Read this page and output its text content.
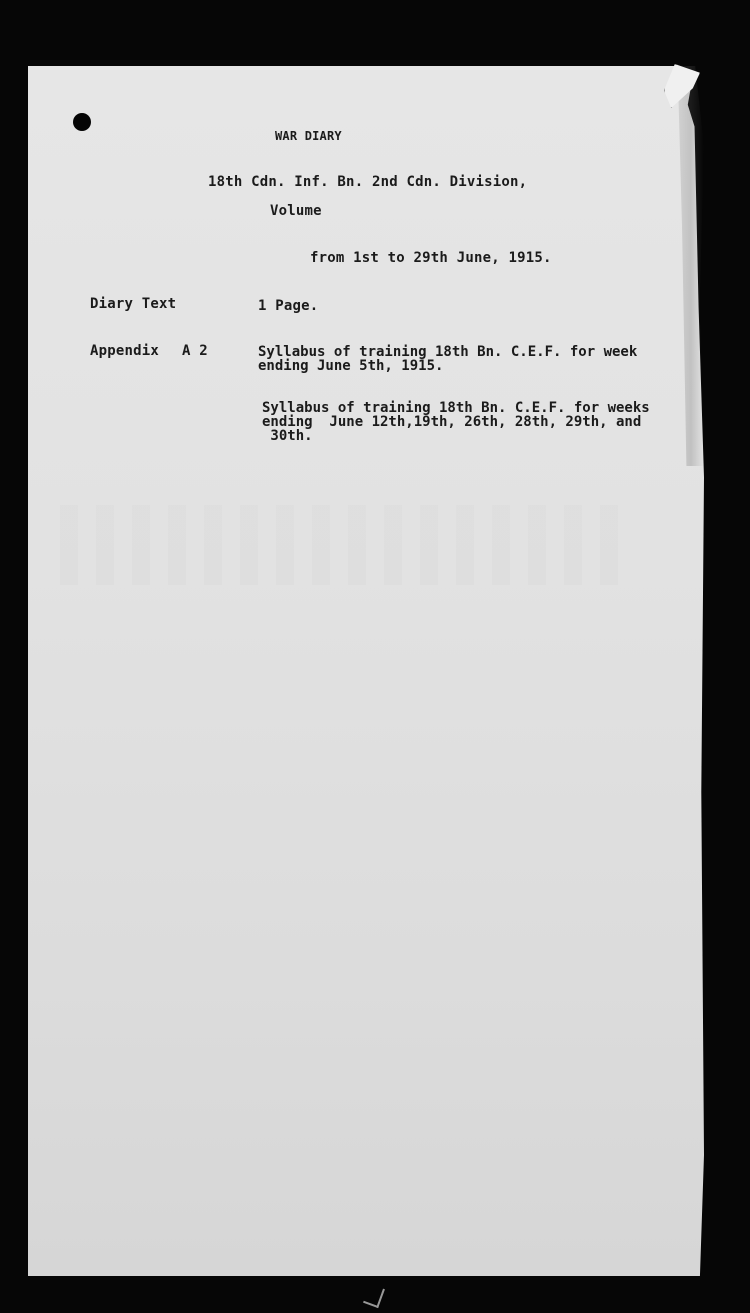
WAR DIARY
18th Cdn. Inf. Bn. 2nd Cdn. Division,
Volume
from 1st to 29th June, 1915.
Diary Text	1 Page.
Appendix A 2	Syllabus of training 18th Bn. C.E.F. for week
ending June 5th, 1915.
Syllabus of training 18th Bn. C.E.F. for weeks
ending  June 12th,19th, 26th, 28th, 29th, and
30th.
